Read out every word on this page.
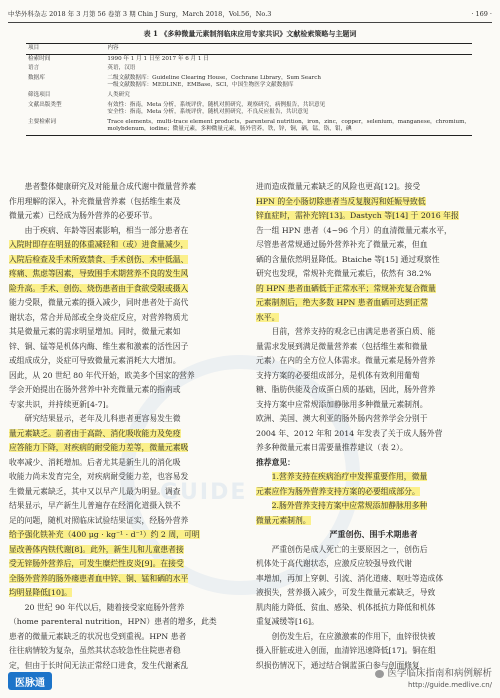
中华外科杂志 2018 年 3 月第 56 卷第 3 期 Chin J Surg，March 2018，Vol.56，No.3	· 169 ·
表 1 《多种微量元素制剂临床应用专家共识》文献检索策略与主题词
项目	内容

检索时间	1990 年 1 月 1 日至 2017 年 6 月 1 日

语言	英语，汉语

数据库	二级文献数据库：Guideline Clearing House，Cochrane Library，Sum Search
一级文献数据库：MEDLINE，EMBase，SCI，中国生物医学文献数据库

筛选项目	人类研究

文献出版类型	有效性：指南，Meta 分析，系统评价，随机对照研究，观察研究，病例报告，共识意见
安全性：指南，Meta 分析，系统评价，随机对照研究，不良反应报告，共识意见

主要检索词	Trace elements，multi-trace element products，parenteral nutrition，iron，zinc，copper，selenium，manganese，chromium，
molybdenum，iodine；微量元素，多种微量元素，肠外营养，铁，锌，铜，硒，锰，铬，钼，碘
GUIDE

患者整体健康研究及对能量合成代谢中微量营养素
作用理解的深入，补充微量营养素（包括维生素及
微量元素）已经成为肠外营养的必要环节。

由于疾病、年龄等因素影响，相当一部分患者在
入院时即存在明显的体重减轻和（或）进食量减少，
入院后检查及手术所致禁食、手术创伤、术中低温、
疼痛、焦虑等因素，导致围手术期营养不良的发生风
险升高。手术、创伤、烧伤患者由于食欲受限或摄入
能力受限，微量元素的摄入减少，同时患者处于高代
谢状态，常合并局部或全身炎症反应，对营养物质尤
其是微量元素的需求明显增加。同时，微量元素如
锌、铜、锰等是机体内酶、维生素和激素的活性因子
或组成成分，炎症可导致微量元素消耗大大增加。
因此，从 20 世纪 80 年代开始，欧美多个国家的营养
学会开始提出在肠外营养中补充微量元素的指南或
专家共识，并持续更新[4-7]。

研究结果显示，老年及儿科患者更容易发生微
量元素缺乏。前者由于高龄、消化吸收能力及免疫
应答能力下降，对疾病的耐受能力差等，微量元素吸
收率减少、消耗增加。后者尤其是新生儿的消化吸
收能力尚未发育完全，对疾病耐受能力差，也容易发
生微量元素缺乏，其中又以早产儿最为明显。调查
结果显示，早产新生儿普遍存在经消化道摄入铁不
足的问题，随机对照临床试验结果证实，经肠外营养
给予强化铁补充（400 μg · kg⁻¹ · d⁻¹）约 2 周，可明
显改善体内铁代谢[8]。此外，新生儿和儿童患者接
受无锌肠外营养后，可发生糜烂性皮炎[9]。在接受
全肠外营养的肠外瘘患者血中锌、铜、锰和硒的水平
均明显降低[10]。

20 世纪 90 年代以后，随着接受家庭肠外营养
（home parenteral nutrition，HPN）患者的增多，此类
患者的微量元素缺乏的状况也受到重视。HPN 患者
往往病情较为复杂，虽然其状态较急性住院患者稳
定，但由于长时间无法正常经口进食，发生代谢紊乱

进而造成微量元素缺乏的风险也更高[12]。接受
HPN 的全小肠切除患者当反复腹泻和妊娠导致低
锌血症时，需补充锌[13]。Dastych 等[14] 于 2016 年报
告一组 HPN 患者（4~96 个月）的血清微量元素水平，
尽管患者常规通过肠外营养补充了微量元素，但血
硒的含量依然明显降低。Btaiche 等[15] 通过观察性
研究也发现，常规补充微量元素后，依然有 38.2%
的 HPN 患者血硒低于正常水平；常规补充复合微量
元素制剂后，绝大多数 HPN 患者血硒可达到正常
水平。

目前，营养支持的观念已由满足患者蛋白质、能
量需求发展到满足微量营养素（包括维生素和微量
元素）在内的全方位人体需求。微量元素是肠外营养
支持方案的必要组成部分，是机体有效利用葡萄
糖、脂肪供能及合成蛋白质的基础，因此，肠外营养
支持方案中应常规添加静脉用多种微量元素制剂。
欧洲、美国、澳大利亚的肠外肠内营养学会分别于
2004 年、2012 年和 2014 年发表了关于成人肠外营
养多种微量元素日需要量推荐建议（表 2）。

推荐意见：

1.营养支持在疾病治疗中发挥重要作用，微量
元素应作为肠外营养支持方案的必要组成部分。
2.肠外营养支持方案中应常规添加静脉用多种
微量元素制剂。

严重创伤、围手术期患者

严重创伤是成人死亡的主要原因之一，创伤后
机体处于高代谢状态，应激反应较强导致代谢
率增加，再加上穿刺、引流、消化道瘘、呕吐等造成体
液损失，营养摄入减少，可发生微量元素缺乏，导致
肌肉能力降低、贫血、感染、机体抵抗力降低和机体
重复减缓等[16]。

创伤发生后，在应激激素的作用下，血锌很快被
摄入肝脏或进入创面，血清锌迅速降低[17]。铜在组
织损伤情况下，通过结合铜蓝蛋白参与创面修复，

医脉通
医学临床指南和病例解析
http://guide.medlive.cn/
